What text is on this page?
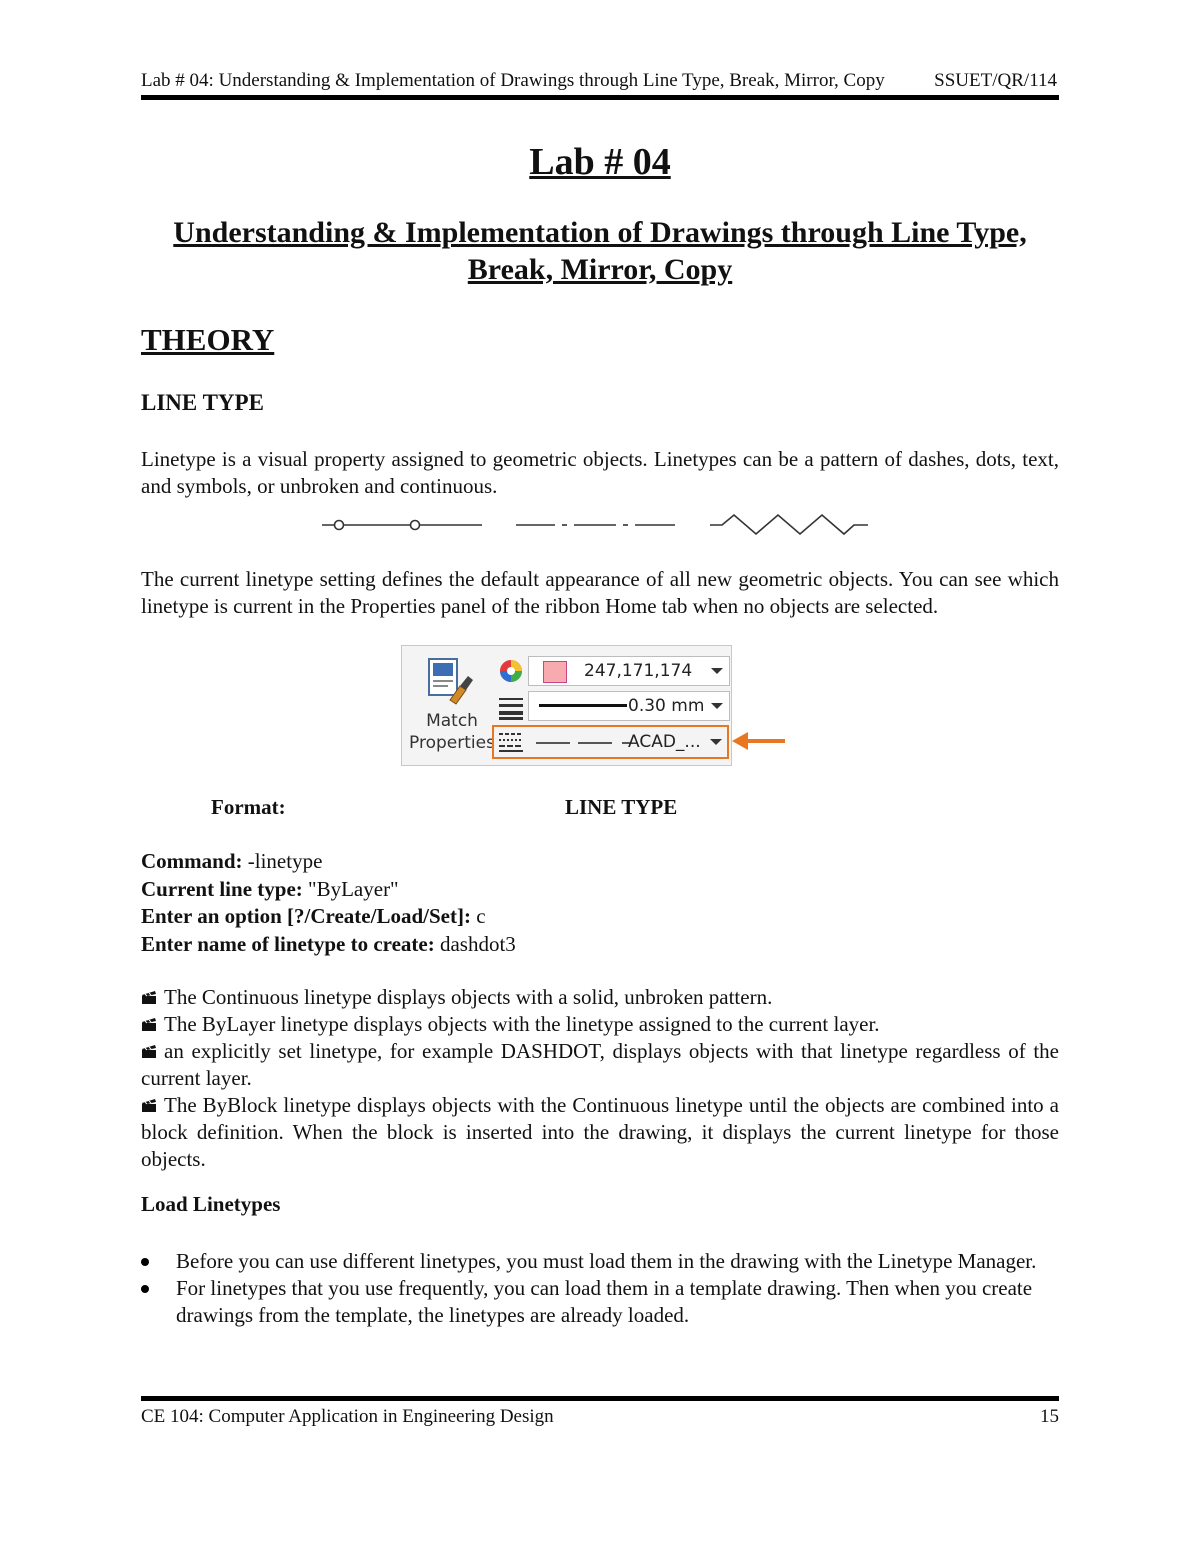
Lab # 04: Understanding & Implementation of Drawings through Line Type, Break, Mirror, Copy	SSUET/QR/114
Lab # 04
Understanding & Implementation of Drawings through Line Type,
Break, Mirror, Copy
THEORY
LINE TYPE
Linetype is a visual property assigned to geometric objects. Linetypes can be a pattern of dashes, dots, text, and symbols, or unbroken and continuous.
The current linetype setting defines the default appearance of all new geometric objects. You can see which linetype is current in the Properties panel of the ribbon Home tab when no objects are selected.
Match
Properties
247,171,174
0.30 mm
ACAD_...
Format:	LINE TYPE
Command: -linetype
Current line type: "ByLayer"
Enter an option [?/Create/Load/Set]: c
Enter name of linetype to create: dashdot3
The Continuous linetype displays objects with a solid, unbroken pattern.
The ByLayer linetype displays objects with the linetype assigned to the current layer.
an explicitly set linetype, for example DASHDOT, displays objects with that linetype regardless of the current layer.
The ByBlock linetype displays objects with the Continuous linetype until the objects are combined into a block definition. When the block is inserted into the drawing, it displays the current linetype for those objects.
Load Linetypes
Before you can use different linetypes, you must load them in the drawing with the Linetype Manager.
For linetypes that you use frequently, you can load them in a template drawing. Then when you create drawings from the template, the linetypes are already loaded.
CE 104: Computer Application in Engineering Design	15
